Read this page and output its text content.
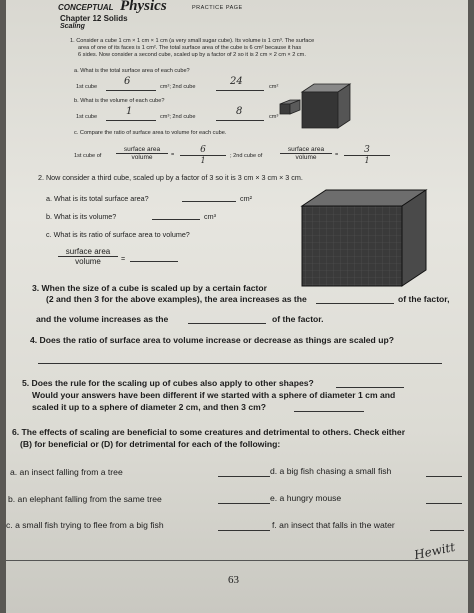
CONCEPTUAL Physics	PRACTICE PAGE
Chapter 12 Solids
Scaling
1. Consider a cube 1 cm × 1 cm × 1 cm (a very small sugar cube). Its volume is 1 cm³. The surface
area of one of its faces is 1 cm². The total surface area of the cube is 6 cm² because it has
6 sides. Now consider a second cube, scaled up by a factor of 2 so it is 2 cm × 2 cm × 2 cm.
a. What is the total surface area of each cube?
1st cube	6	cm²; 2nd cube	24	cm²
b. What is the volume of each cube?
1st cube	1	cm³; 2nd cube	8	cm³
c. Compare the ratio of surface area to volume for each cube.
1st cube of
surface area
volume	= $\frac{6}{1}$ ; 2nd cube of
surface area
volume	= $\frac{3}{1}$
2. Now consider a third cube, scaled up by a factor of 3 so it is 3 cm × 3 cm × 3 cm.
a. What is its total surface area?	cm²
b. What is its volume?	cm³
c. What is its ratio of surface area to volume?
surface area
volume	=
3. When the size of a cube is scaled up by a certain factor
(2 and then 3 for the above examples), the area increases as the	of the factor,
and the volume increases as the	of the factor.
4. Does the ratio of surface area to volume increase or decrease as things are scaled up?
5. Does the rule for the scaling up of cubes also apply to other shapes?
Would your answers have been different if we started with a sphere of diameter 1 cm and
scaled it up to a sphere of diameter 2 cm, and then 3 cm?
6. The effects of scaling are beneficial to some creatures and detrimental to others. Check either
(B) for beneficial or (D) for detrimental for each of the following:
a. an insect falling from a tree	d. a big fish chasing a small fish
b. an elephant falling from the same tree	e. a hungry mouse
c. a small fish trying to flee from a big fish	f. an insect that falls in the water
Hewitt
63
